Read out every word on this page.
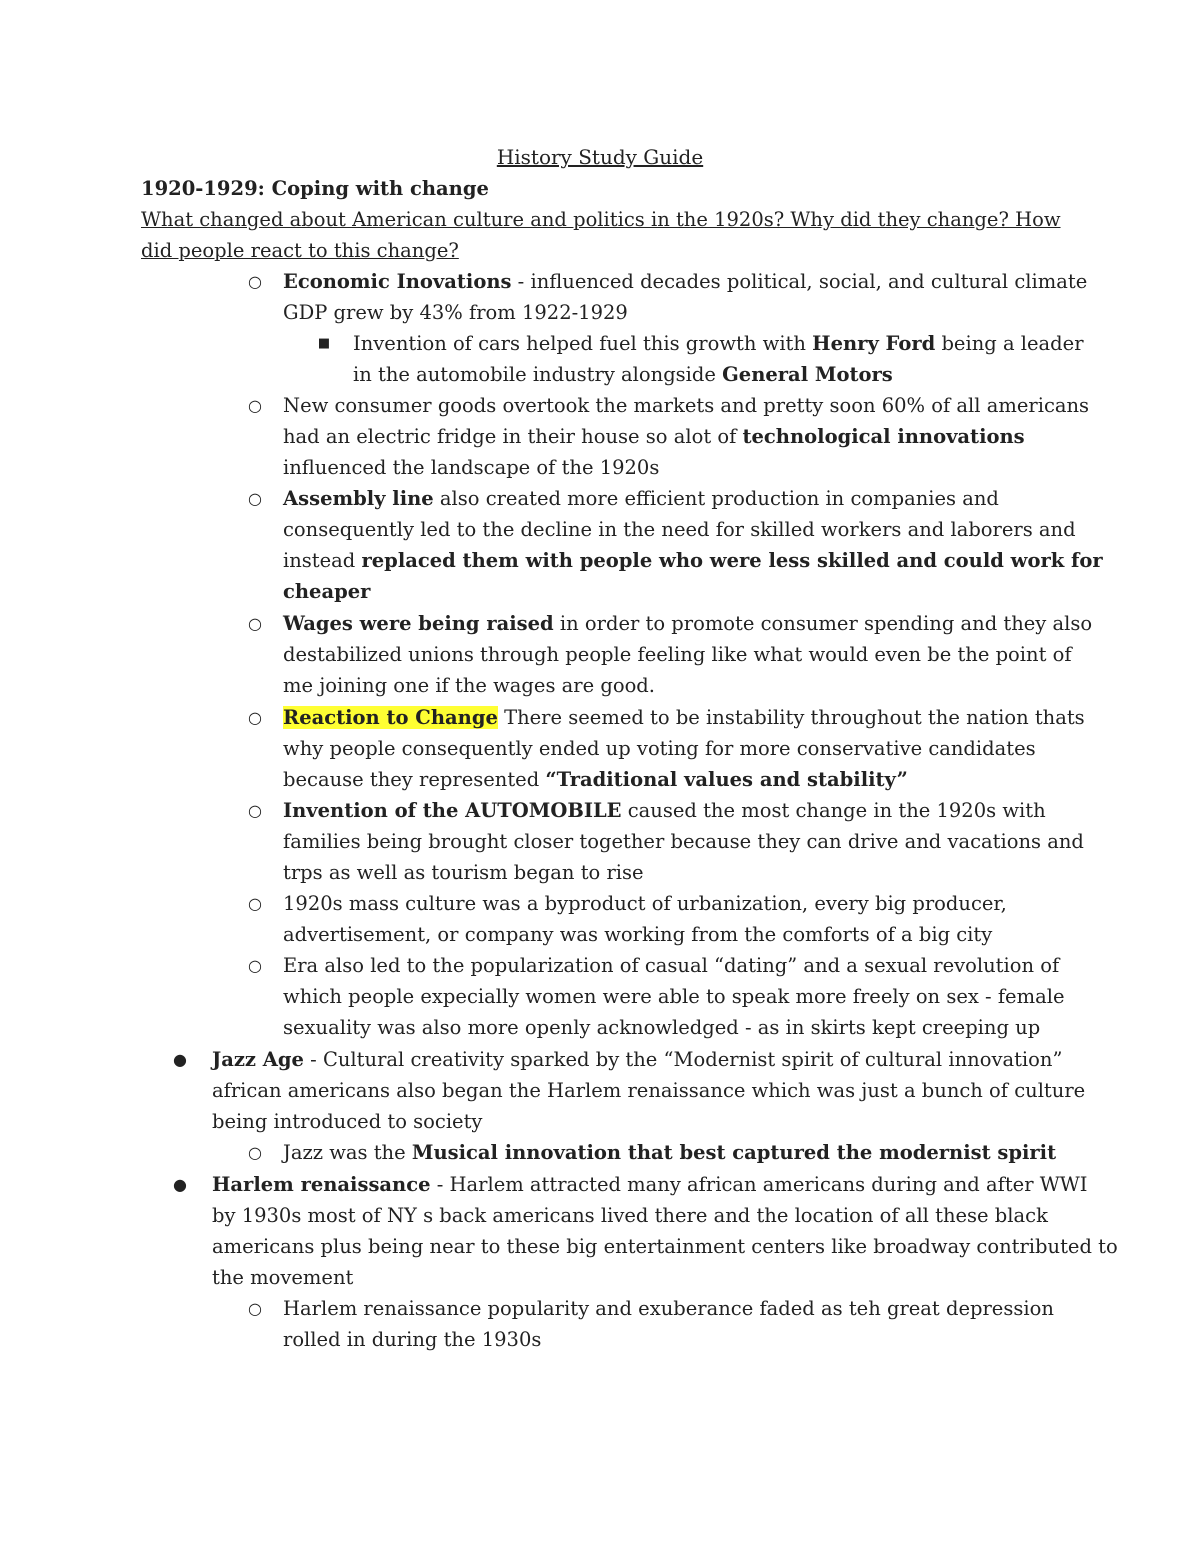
History Study Guide
1920-1929: Coping with change
What changed about American culture and politics in the 1920s? Why did they change? How did people react to this change?
○ Economic Inovations - influenced decades political, social, and cultural climate
GDP grew by 43% from 1922-1929
■ Invention of cars helped fuel this growth with Henry Ford being a leader
in the automobile industry alongside General Motors
○ New consumer goods overtook the markets and pretty soon 60% of all americans
had an electric fridge in their house so alot of technological innovations
influenced the landscape of the 1920s
○ Assembly line also created more efficient production in companies and
consequently led to the decline in the need for skilled workers and laborers and
instead replaced them with people who were less skilled and could work for
cheaper
○ Wages were being raised in order to promote consumer spending and they also
destabilized unions through people feeling like what would even be the point of
me joining one if the wages are good.
○ Reaction to Change There seemed to be instability throughout the nation thats
why people consequently ended up voting for more conservative candidates
because they represented “Traditional values and stability”
○ Invention of the AUTOMOBILE caused the most change in the 1920s with
families being brought closer together because they can drive and vacations and
trps as well as tourism began to rise
○ 1920s mass culture was a byproduct of urbanization, every big producer,
advertisement, or company was working from the comforts of a big city
○ Era also led to the popularization of casual “dating” and a sexual revolution of
which people expecially women were able to speak more freely on sex - female
sexuality was also more openly acknowledged - as in skirts kept creeping up
● Jazz Age - Cultural creativity sparked by the “Modernist spirit of cultural innovation”
african americans also began the Harlem renaissance which was just a bunch of culture
being introduced to society
○ Jazz was the Musical innovation that best captured the modernist spirit
● Harlem renaissance - Harlem attracted many african americans during and after WWI
by 1930s most of NY s back americans lived there and the location of all these black
americans plus being near to these big entertainment centers like broadway contributed to
the movement
○ Harlem renaissance popularity and exuberance faded as teh great depression
rolled in during the 1930s
